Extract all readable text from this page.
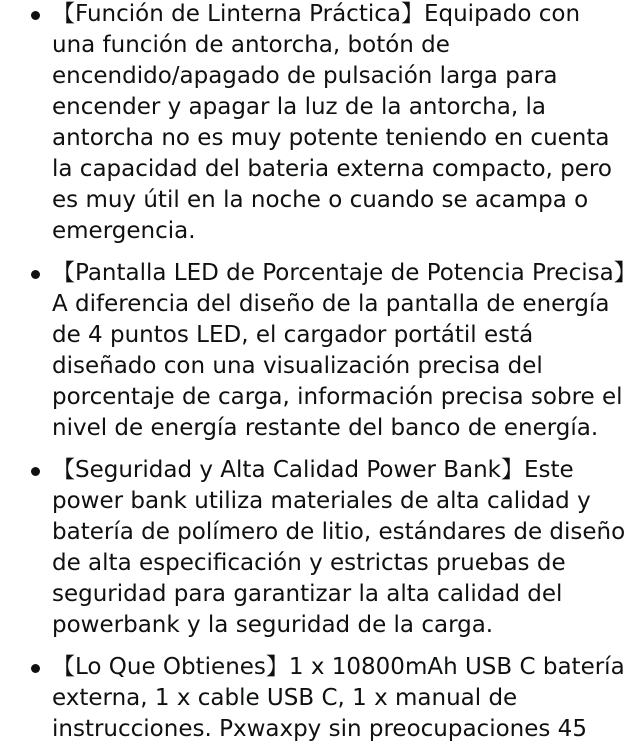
【Función de Linterna Práctica】Equipado con una función de antorcha, botón de encendido/apagado de pulsación larga para encender y apagar la luz de la antorcha, la antorcha no es muy potente teniendo en cuenta la capacidad del bateria externa compacto, pero es muy útil en la noche o cuando se acampa o emergencia.
【Pantalla LED de Porcentaje de Potencia Precisa】A diferencia del diseño de la pantalla de energía de 4 puntos LED, el cargador portátil está diseñado con una visualización precisa del porcentaje de carga, información precisa sobre el nivel de energía restante del banco de energía.
【Seguridad y Alta Calidad Power Bank】Este power bank utiliza materiales de alta calidad y batería de polímero de litio, estándares de diseño de alta especificación y estrictas pruebas de seguridad para garantizar la alta calidad del powerbank y la seguridad de la carga.
【Lo Que Obtienes】1 x 10800mAh USB C batería externa, 1 x cable USB C, 1 x manual de instrucciones. Pxwaxpy sin preocupaciones 45
